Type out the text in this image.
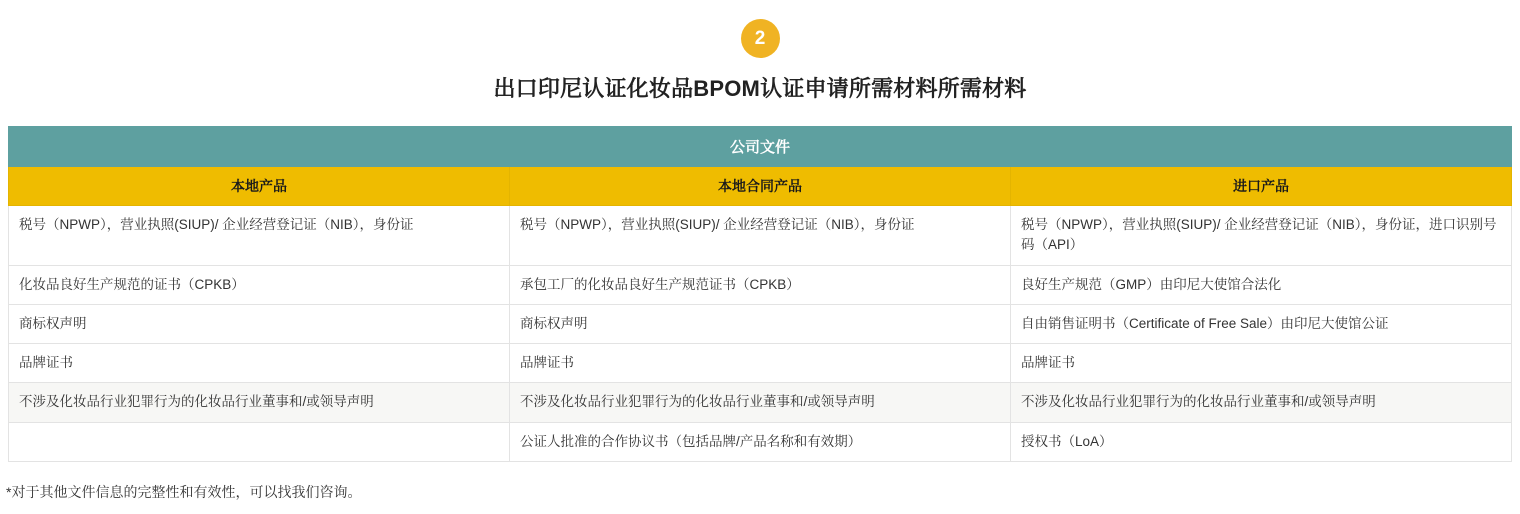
2
出口印尼认证化妆品BPOM认证申请所需材料所需材料
公司文件		
本地产品	本地合同产品	进口产品
税号（NPWP），营业执照(SIUP)/ 企业经营登记证（NIB），身份证	税号（NPWP），营业执照(SIUP)/ 企业经营登记证（NIB），身份证	税号（NPWP），营业执照(SIUP)/ 企业经营登记证（NIB），身份证，进口识别号码（API）
化妆品良好生产规范的证书（CPKB）	承包工厂的化妆品良好生产规范证书（CPKB）	良好生产规范（GMP）由印尼大使馆合法化
商标权声明	商标权声明	自由销售证明书（Certificate of Free Sale）由印尼大使馆公证
品牌证书	品牌证书	品牌证书
不涉及化妆品行业犯罪行为的化妆品行业董事和/或领导声明	不涉及化妆品行业犯罪行为的化妆品行业董事和/或领导声明	不涉及化妆品行业犯罪行为的化妆品行业董事和/或领导声明
	公证人批准的合作协议书（包括品牌/产品名称和有效期）	授权书（LoA）
*对于其他文件信息的完整性和有效性，可以找我们咨询。
